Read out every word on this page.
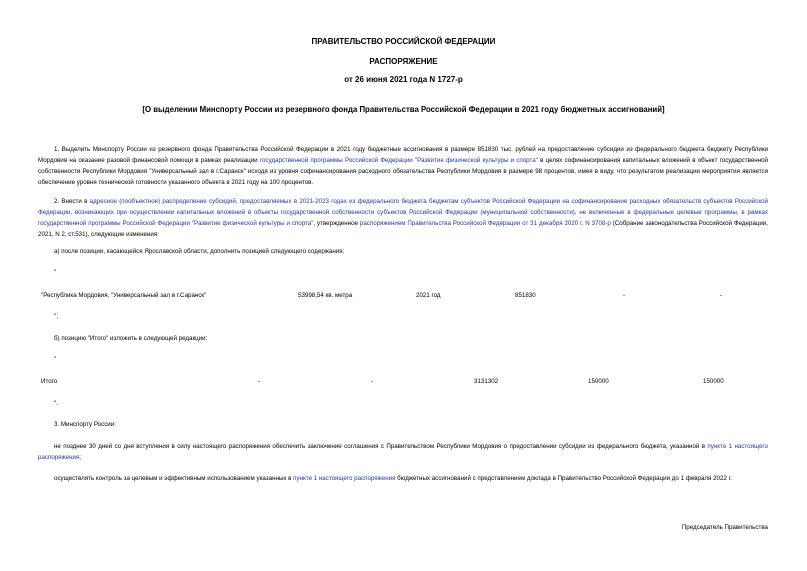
ПРАВИТЕЛЬСТВО РОССИЙСКОЙ ФЕДЕРАЦИИ
РАСПОРЯЖЕНИЕ
от 26 июня 2021 года N 1727-р
[О выделении Минспорту России из резервного фонда Правительства Российской Федерации в 2021 году бюджетных ассигнований]

1. Выделить Минспорту России из резервного фонда Правительства Российской Федерации в 2021 году бюджетные ассигнования в размере 851830 тыс. рублей на предоставление субсидии из федерального бюджета бюджету Республики Мордовия на оказание разовой финансовой помощи в рамках реализации государственной программы Российской Федерации "Развитие физической культуры и спорта" в целях софинансирования капитальных вложений в объект государственной собственности Республики Мордовия "Универсальный зал в г.Саранск" исходя из уровня софинансирования расходного обязательства Республики Мордовия в размере 98 процентов, имея в виду, что результатом реализации мероприятия является обеспечение уровня технической готовности указанного объекта в 2021 году на 100 процентов.

2. Внести в адресное (пообъектное) распределение субсидий, предоставляемых в 2021-2023 годах из федерального бюджета бюджетам субъектов Российской Федерации на софинансирование расходных обязательств субъектов Российской Федерации, возникающих при осуществлении капитальных вложений в объекты государственной собственности субъектов Российской Федерации (муниципальной собственности), не включенные в федеральные целевые программы, в рамках государственной программы Российской Федерации "Развитие физической культуры и спорта", утвержденное распоряжением Правительства Российской Федерации от 31 декабря 2020 г. N 3708-р (Собрание законодательства Российской Федерации, 2021, N 2, ст.531), следующие изменения:

а) после позиции, касающейся Ярославской области, дополнить позицией следующего содержания:
"
"Республика Мордовия, "Универсальный зал в г.Саранск"	53998,54 кв. метра	2021 год	851830	-	-
";
б) позицию "Итого" изложить в следующей редакции:
"
Итого	-	-	3131302	150000	150000
".
3. Минспорту России:

не позднее 30 дней со дня вступления в силу настоящего распоряжения обеспечить заключение соглашения с Правительством Республики Мордовия о предоставлении субсидии из федерального бюджета, указанной в пункте 1 настоящего распоряжения;

осуществлять контроль за целевым и эффективным использованием указанных в пункте 1 настоящего распоряжения бюджетных ассигнований с представлением доклада в Правительство Российской Федерации до 1 февраля 2022 г.

Председатель Правительства
